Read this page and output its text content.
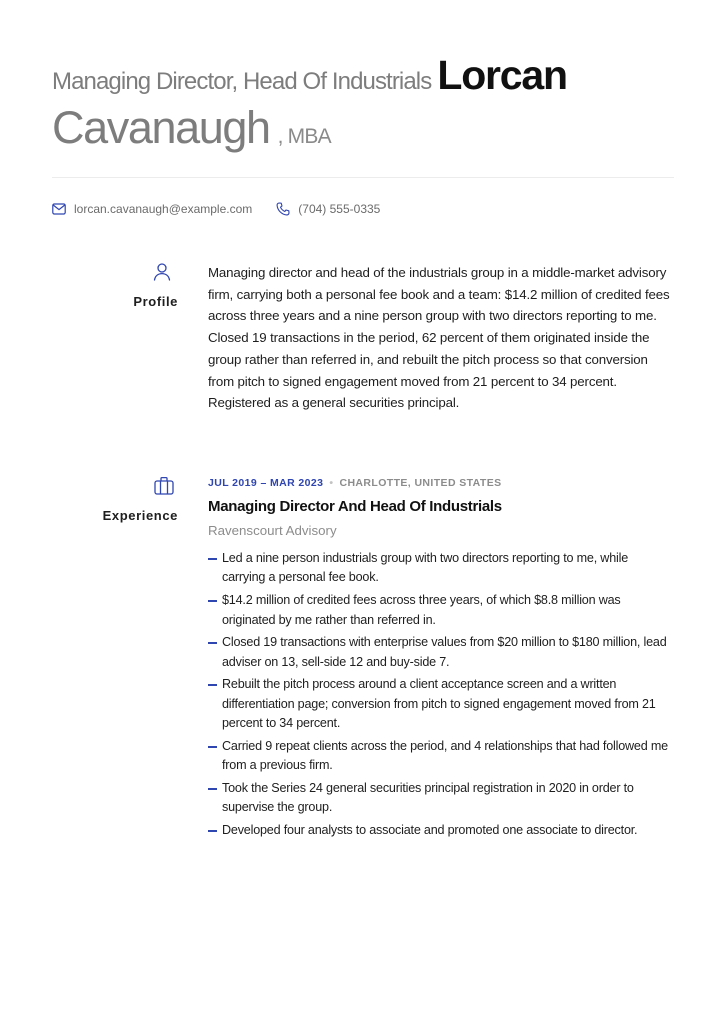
Managing Director, Head Of Industrials Lorcan
Cavanaugh , MBA
lorcan.cavanaugh@example.com	(704) 555-0335
Profile
Managing director and head of the industrials group in a middle-market advisory firm, carrying both a personal fee book and a team: $14.2 million of credited fees across three years and a nine person group with two directors reporting to me. Closed 19 transactions in the period, 62 percent of them originated inside the group rather than referred in, and rebuilt the pitch process so that conversion from pitch to signed engagement moved from 21 percent to 34 percent. Registered as a general securities principal.
Experience
JUL 2019 – MAR 2023 • CHARLOTTE, UNITED STATES
Managing Director And Head Of Industrials
Ravenscourt Advisory
Led a nine person industrials group with two directors reporting to me, while carrying a personal fee book.
$14.2 million of credited fees across three years, of which $8.8 million was originated by me rather than referred in.
Closed 19 transactions with enterprise values from $20 million to $180 million, lead adviser on 13, sell-side 12 and buy-side 7.
Rebuilt the pitch process around a client acceptance screen and a written differentiation page; conversion from pitch to signed engagement moved from 21 percent to 34 percent.
Carried 9 repeat clients across the period, and 4 relationships that had followed me from a previous firm.
Took the Series 24 general securities principal registration in 2020 in order to supervise the group.
Developed four analysts to associate and promoted one associate to director.
